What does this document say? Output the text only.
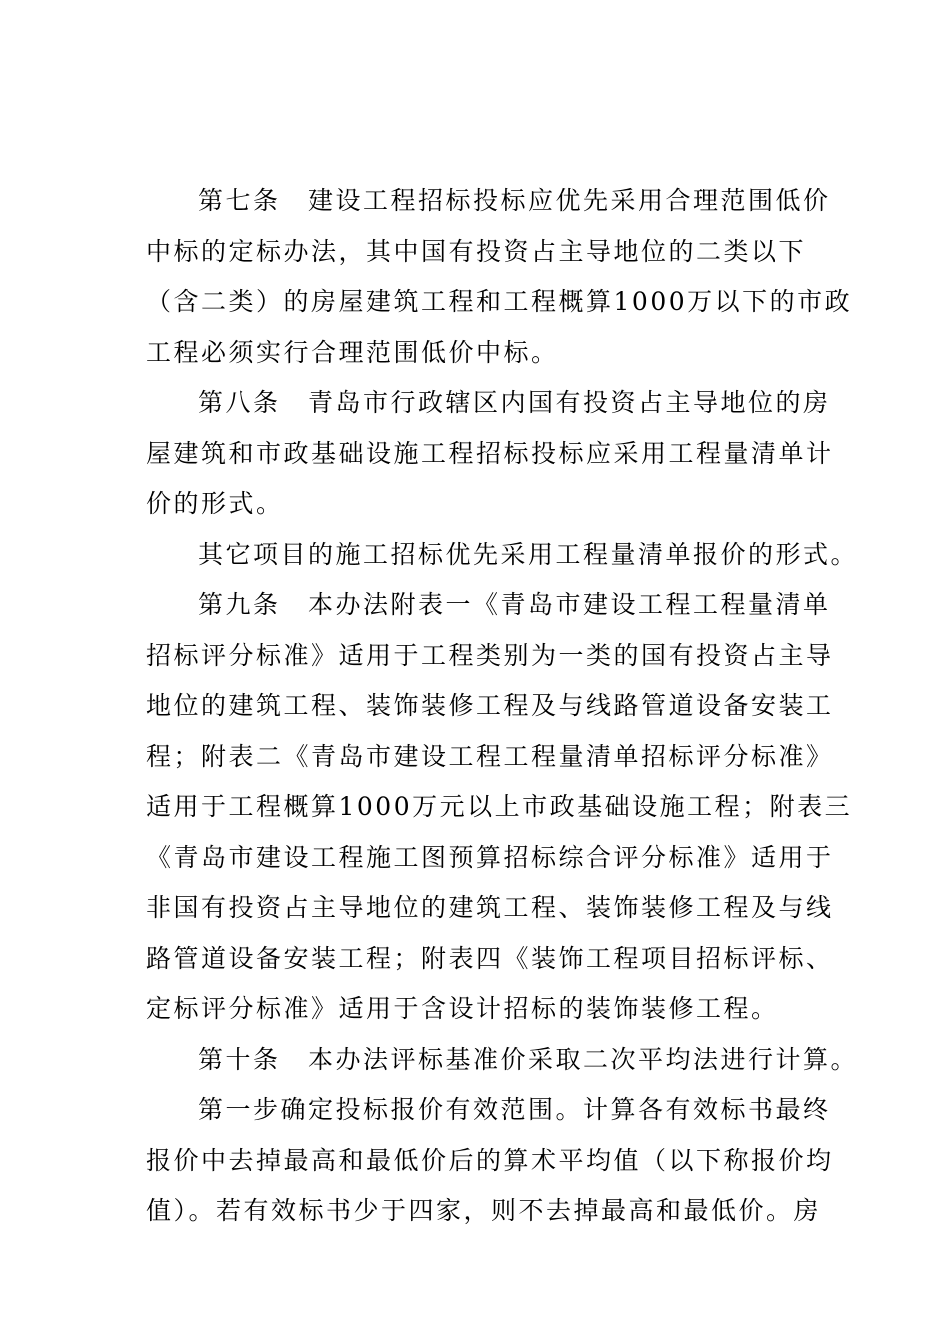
第七条　建设工程招标投标应优先采用合理范围低价
中标的定标办法，其中国有投资占主导地位的二类以下
（含二类）的房屋建筑工程和工程概算1000万以下的市政
工程必须实行合理范围低价中标。

第八条　青岛市行政辖区内国有投资占主导地位的房
屋建筑和市政基础设施工程招标投标应采用工程量清单计
价的形式。

其它项目的施工招标优先采用工程量清单报价的形式。

第九条　本办法附表一《青岛市建设工程工程量清单
招标评分标准》适用于工程类别为一类的国有投资占主导
地位的建筑工程、装饰装修工程及与线路管道设备安装工
程；附表二《青岛市建设工程工程量清单招标评分标准》
适用于工程概算1000万元以上市政基础设施工程；附表三
《青岛市建设工程施工图预算招标综合评分标准》适用于
非国有投资占主导地位的建筑工程、装饰装修工程及与线
路管道设备安装工程；附表四《装饰工程项目招标评标、
定标评分标准》适用于含设计招标的装饰装修工程。

第十条　本办法评标基准价采取二次平均法进行计算。

第一步确定投标报价有效范围。计算各有效标书最终
报价中去掉最高和最低价后的算术平均值（以下称报价均
值）。若有效标书少于四家，则不去掉最高和最低价。房
